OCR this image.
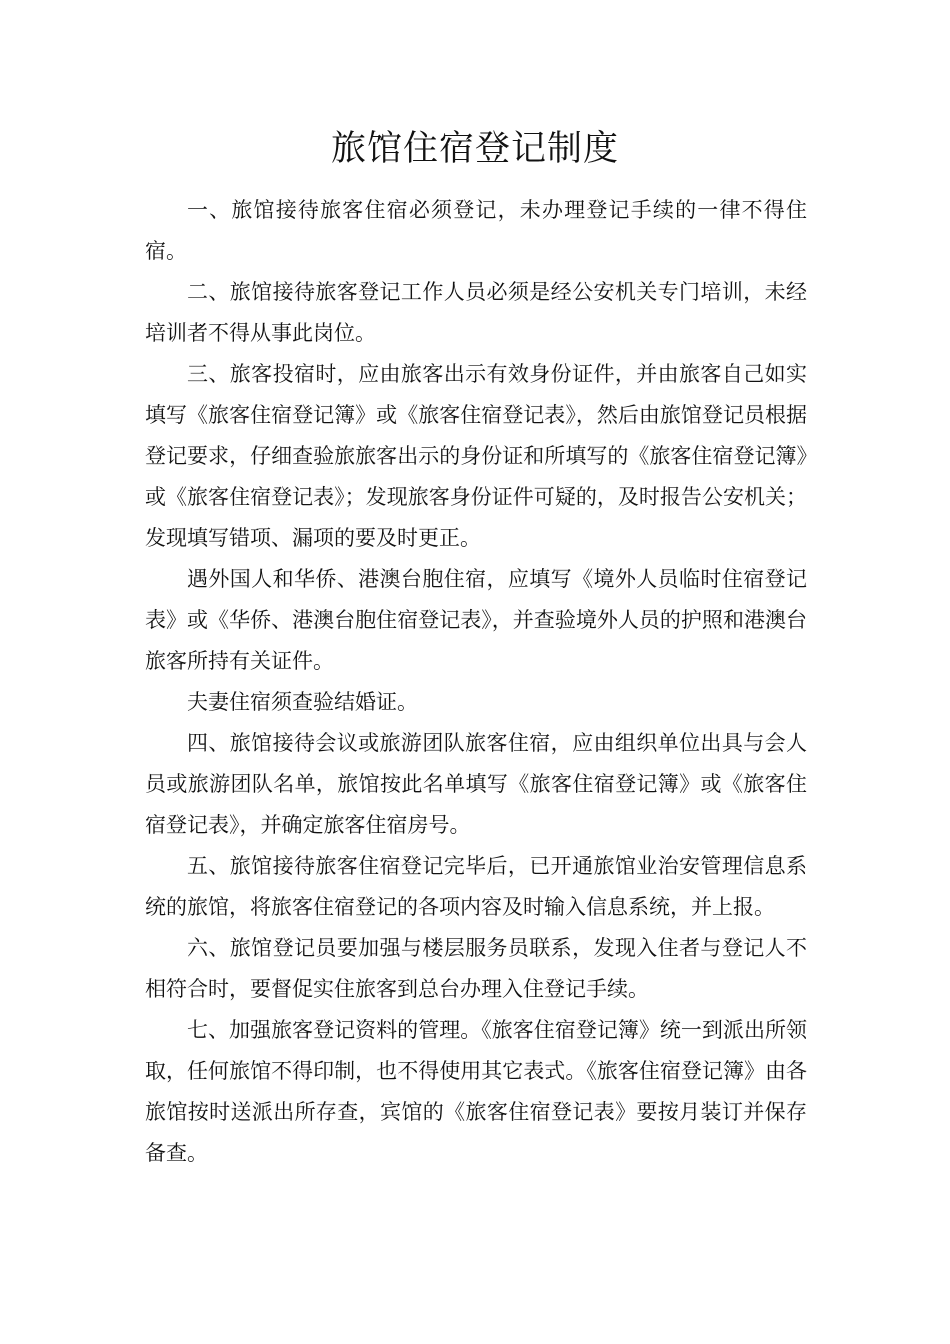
旅馆住宿登记制度

一、旅馆接待旅客住宿必须登记，未办理登记手续的一律不得住宿。

二、旅馆接待旅客登记工作人员必须是经公安机关专门培训，未经培训者不得从事此岗位。

三、旅客投宿时，应由旅客出示有效身份证件，并由旅客自己如实填写《旅客住宿登记簿》或《旅客住宿登记表》，然后由旅馆登记员根据登记要求，仔细查验旅旅客出示的身份证和所填写的《旅客住宿登记簿》或《旅客住宿登记表》；发现旅客身份证件可疑的，及时报告公安机关；发现填写错项、漏项的要及时更正。

遇外国人和华侨、港澳台胞住宿，应填写《境外人员临时住宿登记表》或《华侨、港澳台胞住宿登记表》，并查验境外人员的护照和港澳台旅客所持有关证件。

夫妻住宿须查验结婚证。

四、旅馆接待会议或旅游团队旅客住宿，应由组织单位出具与会人员或旅游团队名单，旅馆按此名单填写《旅客住宿登记簿》或《旅客住宿登记表》，并确定旅客住宿房号。

五、旅馆接待旅客住宿登记完毕后，已开通旅馆业治安管理信息系统的旅馆，将旅客住宿登记的各项内容及时输入信息系统，并上报。

六、旅馆登记员要加强与楼层服务员联系，发现入住者与登记人不相符合时，要督促实住旅客到总台办理入住登记手续。

七、加强旅客登记资料的管理。《旅客住宿登记簿》统一到派出所领取，任何旅馆不得印制，也不得使用其它表式。《旅客住宿登记簿》由各旅馆按时送派出所存查，宾馆的《旅客住宿登记表》要按月装订并保存备查。
